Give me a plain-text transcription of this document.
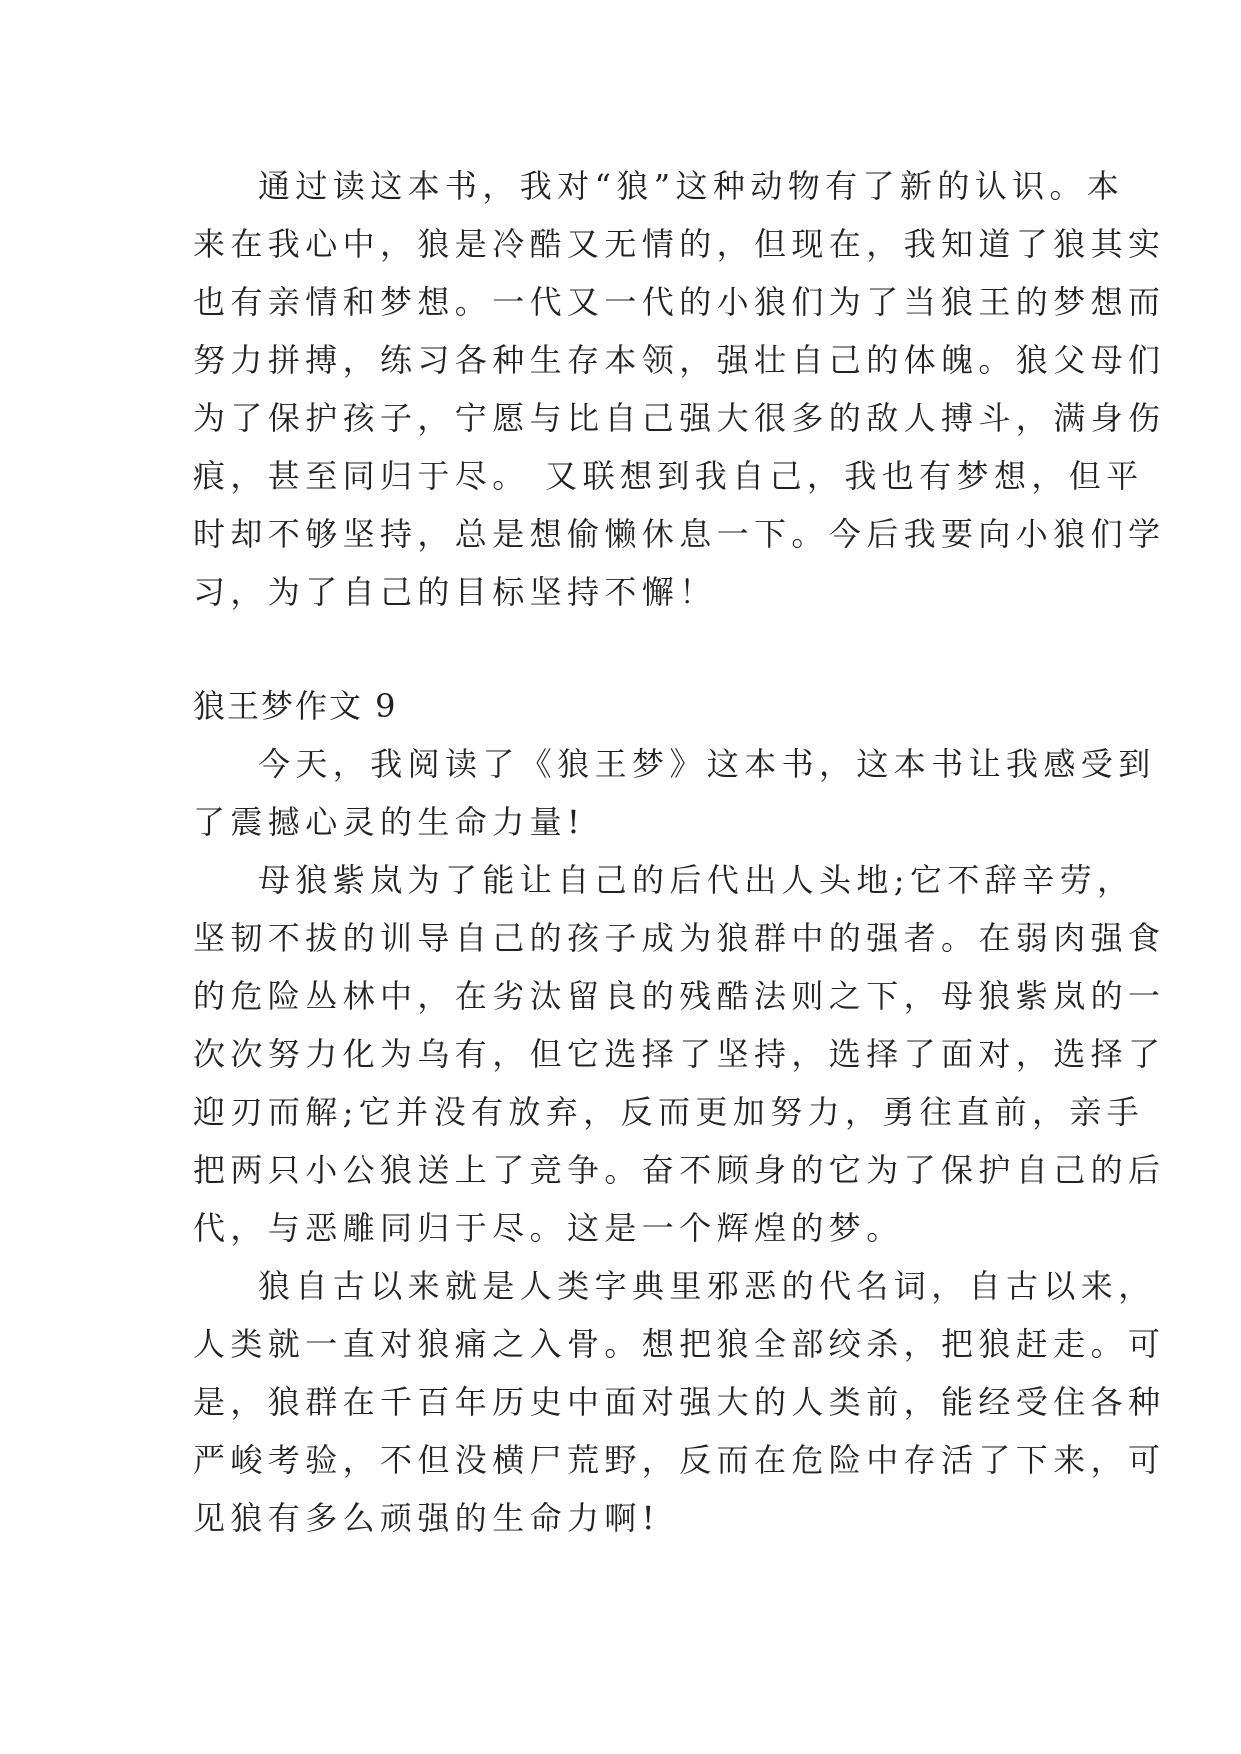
通过读这本书，我对“狼”这种动物有了新的认识。本

来在我心中，狼是冷酷又无情的，但现在，我知道了狼其实

也有亲情和梦想。一代又一代的小狼们为了当狼王的梦想而

努力拼搏，练习各种生存本领，强壮自己的体魄。狼父母们

为了保护孩子，宁愿与比自己强大很多的敌人搏斗，满身伤

痕，甚至同归于尽。 又联想到我自己，我也有梦想，但平

时却不够坚持，总是想偷懒休息一下。今后我要向小狼们学

习，为了自己的目标坚持不懈！

狼王梦作文 9

今天，我阅读了《狼王梦》这本书，这本书让我感受到

了震撼心灵的生命力量!

母狼紫岚为了能让自己的后代出人头地;它不辞辛劳，

坚韧不拔的训导自己的孩子成为狼群中的强者。在弱肉强食

的危险丛林中，在劣汰留良的残酷法则之下，母狼紫岚的一

次次努力化为乌有，但它选择了坚持，选择了面对，选择了

迎刃而解;它并没有放弃，反而更加努力，勇往直前，亲手

把两只小公狼送上了竞争。奋不顾身的它为了保护自己的后

代，与恶雕同归于尽。这是一个辉煌的梦。

狼自古以来就是人类字典里邪恶的代名词，自古以来，

人类就一直对狼痛之入骨。想把狼全部绞杀，把狼赶走。可

是，狼群在千百年历史中面对强大的人类前，能经受住各种

严峻考验，不但没横尸荒野，反而在危险中存活了下来，可

见狼有多么顽强的生命力啊!
